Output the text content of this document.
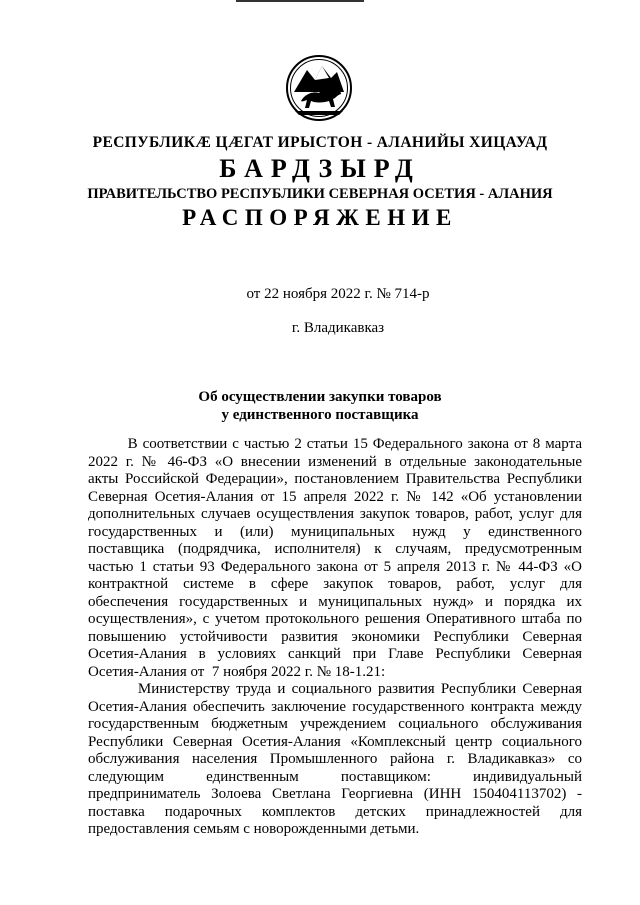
РЕСПУБЛИКӔ ЦӔГАТ ИРЫСТОН - АЛАНИЙЫ ХИЦАУАД
БАРДЗЫРД
ПРАВИТЕЛЬСТВО РЕСПУБЛИКИ СЕВЕРНАЯ ОСЕТИЯ - АЛАНИЯ
РАСПОРЯЖЕНИЕ
от 22 ноября 2022 г. № 714-р
г. Владикавказ
Об осуществлении закупки товаров
у единственного поставщика
В соответствии с частью 2 статьи 15 Федерального закона от 8 марта
2022 г. № 46-ФЗ «О внесении изменений в отдельные законодательные
акты Российской Федерации», постановлением Правительства Республики
Северная Осетия-Алания от 15 апреля 2022 г. № 142 «Об установлении
дополнительных случаев осуществления закупок товаров, работ, услуг для
государственных и (или) муниципальных нужд у единственного
поставщика (подрядчика, исполнителя) к случаям, предусмотренным
частью 1 статьи 93 Федерального закона от 5 апреля 2013 г. № 44-ФЗ «О
контрактной системе в сфере закупок товаров, работ, услуг для
обеспечения государственных и муниципальных нужд» и порядка их
осуществления», с учетом протокольного решения Оперативного штаба по
повышению устойчивости развития экономики Республики Северная
Осетия-Алания в условиях санкций при Главе Республики Северная
Осетия-Алания от  7 ноября 2022 г. № 18-1.21:
Министерству труда и социального развития Республики Северная
Осетия-Алания обеспечить заключение государственного контракта между
государственным бюджетным учреждением социального обслуживания
Республики Северная Осетия-Алания «Комплексный центр социального
обслуживания населения Промышленного района г. Владикавказ» со
следующим единственным поставщиком: индивидуальный
предприниматель Золоева Светлана Георгиевна (ИНН 150404113702) -
поставка подарочных комплектов детских принадлежностей для
предоставления семьям с новорожденными детьми.
